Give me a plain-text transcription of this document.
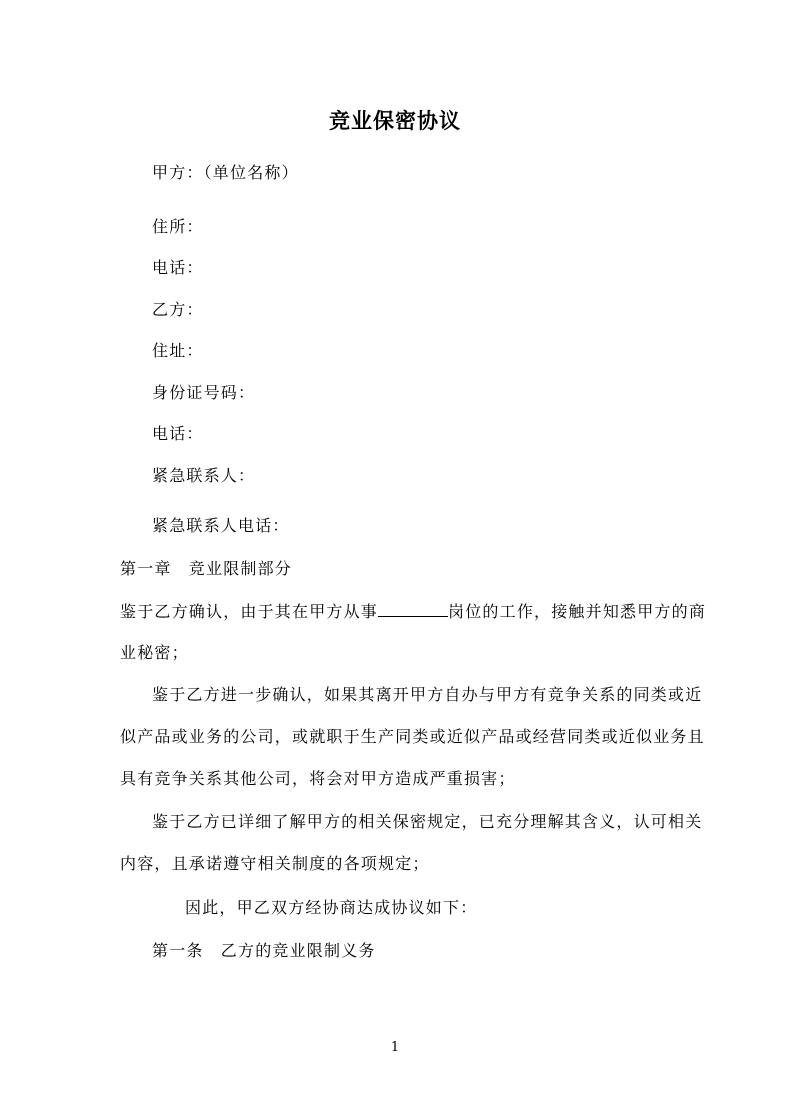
竞业保密协议
甲方：（单位名称）
住所：
电话：
乙方：
住址：
身份证号码：
电话：
紧急联系人：
紧急联系人电话：
第一章　竞业限制部分
鉴于乙方确认，由于其在甲方从事	岗位的工作，接触并知悉甲方的商
业秘密；
鉴于乙方进一步确认，如果其离开甲方自办与甲方有竞争关系的同类或近
似产品或业务的公司，或就职于生产同类或近似产品或经营同类或近似业务且
具有竞争关系其他公司，将会对甲方造成严重损害；
鉴于乙方已详细了解甲方的相关保密规定，已充分理解其含义，认可相关
内容，且承诺遵守相关制度的各项规定；
因此，甲乙双方经协商达成协议如下：
第一条　乙方的竞业限制义务
1
